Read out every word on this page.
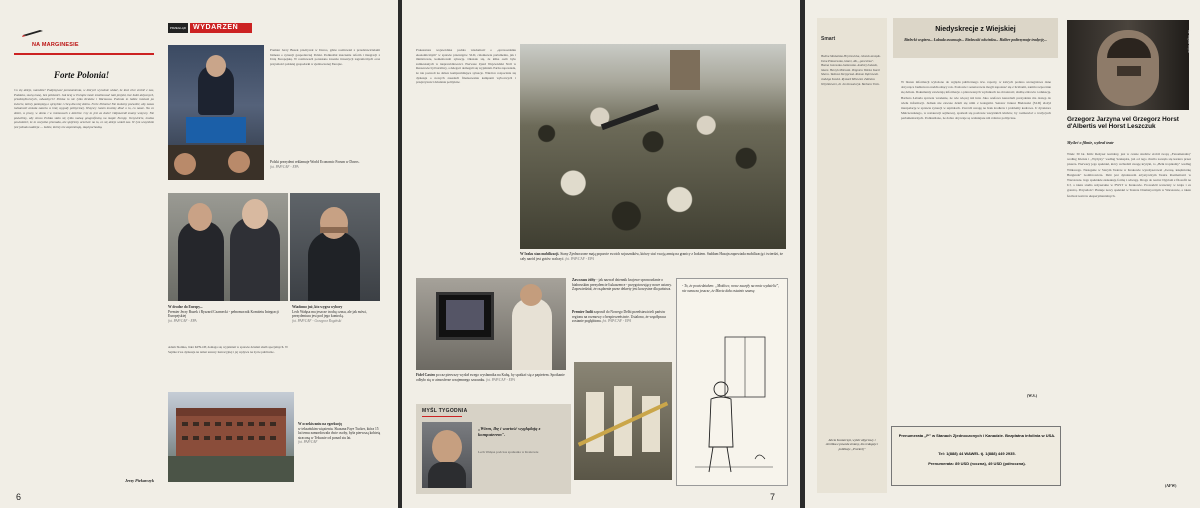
NA MARGINESIE
Forte Polonia!
Co się dzieje, narodzie? Podpisywać porozumienia, w których wyraźnie widać, że ktoś chce zrobić z nas, Polaków, szarą masę, bez polskości. Jak kraj w Europie może zrealizować taki projekt, bez ludzi aktywnych, przedsiębiorczych, odważnych? Polska to nie tylko Kraków i Warszawa. Polonia to ludzie rozsiani po świecie, którzy pamiętają o ojczyźnie i chcą dla niej dobra. Forte Polonia! Nie możemy pozwolić, aby nasza tożsamość została zatarta w imię wygody politycznej. Wszyscy razem musimy dbać o to, co nasze. Na co dzień, w pracy, w domu i w rozmowach z dziećmi. Czy to jest za dużo? Odpowiedź znamy wszyscy. Nie pozwólmy, aby słowo Polska stało się tylko nazwą geograficzną na mapie Europy. Oczywiście, można powiedzieć, że to wszystko przesada, ale spójrzmy uczciwie na to, co się dzieje wokół nas. W tym wszystkim jest jednak nadzieja — ludzie, którzy nie zapominają, skąd pochodzą.
Jerzy Piekarczyk
PRZEGLĄD WYDARZEŃ
Premier Jerzy Buzek przebywał w Davos, gdzie rozmawiał z przedstawicielami biznesu o sytuacji gospodarczej Polski. Podkreślał znaczenie reform i integracji z Unią Europejską. W rozmowach poruszano kwestie inwestycji zagranicznych oraz przyszłości polskiej gospodarki w zjednoczonej Europie.
Polski prezydent reklamuje World Economic Forum w Davos.
fot. PAP/CAF - EPA
W drodze do Europy...
Premier Jerzy Buzek i Ryszard Czarnecki - pełnomocnik Komitetu Integracji Europejskiej
fot. PAP/CAF - EPA
Wiadomo już, kto wygra wybory
Lech Wałęsa ma jeszcze trochę czasu, ale jak mówi, prezydentura jest pod jego kontrolą.
fot. PAP/CAF - Grzegorz Rogiński
Adam Słomka, lider KPN-OP, domaga się wyjaśnień w sprawie działań służb specjalnych. W Sejmie trwa dyskusja na temat ustawy lustracyjnej i jej wpływu na życie publiczne.
W oczekiwaniu na egzekucję
w teksańskim więzieniu. Skazana Faye Tucker, która 15 lat temu zamordowała dwie osoby, była pierwszą kobietą straconą w Teksasie od ponad stu lat.
fot. PAP/CAF
6
Prokuratura wojewódzka podała wiadomość o „sprawozdaniu ekonomicznym" w sprawie przetargów. SLD, członkowie parlamentu, jak i ministrowie, komentowali sytuację. Okazało się, że kilka osób było zamieszanych w nieprawidłowości. Pierwsze Zjazd Wojewódzki SLD w Rzeszowie był burzliwy, a delegaci domagali się wyjaśnień. Partia zapowiada, że nie pozwoli na dalsze kompromitujące sytuacje. Wkrótce rozpocznie się dyskusja o nowych zasadach finansowania kampanii wyborczych i przejrzystości działania polityków.
W Iraku stan mobilizacji. Stany Zjednoczone mają poparcie swoich sojuszników, którzy stać swoją armię na granicy z Irakiem. Saddam Husajn zapowiada mobilizację i twierdzi, że cały naród jest gotów walczyć. fot. PAP/CAF - EPA
Fidel Castro po raz pierwszy wysłał swego wysłannika na Kubę, by spotkać się z papieżem. Spotkanie odbyło się w atmosferze wzajemnego szacunku. fot. PAP/CAF - EPA
Zawczasu żółty - jak nazwał dziennik krajowe sprawozdanie o białoruskim prezydencie Łukaszence - przygotowujący nowe ustawy. Zapowiedział, że rządzenie przez dekrety jest korzystne dla państwa.
Premier Indii zaprosił do Nowego Delhi przedstawicieli państw regionu na rozmowy o bezpieczeństwie. Ustalono, że współpraca zostanie pogłębiona. fot. PAP/CAF - EPA
MYŚL TYGODNIA
„Wiem, lbę i wartość wyglądają z komputerem".
Lech Wałęsa podczas spotkania w Krakowie
- To, że powiedziałem: „Możliwe, nowe zaczęły na mnie wydzielić", nie oznacza jeszcze, że Marta dała ostatnio szansę.
7
Smart
Halina Moskalska-Hryniewicka, członek zarządu. Irena Pilaszewska, lekarz, AK, „pani zima". Hanna Janowska-Jankowska. Andrzej Łukasik, lekarz. Henryk Milewski. Zbigniew Wolski. Karol Sikora. Tadeusz Skrzypczak. Roman Dąbrowski. Jadwiga Kostuś. Ryszard Milewski. Zdzisław Wójcikiewicz, dr. Jan Kowalczyk. Barbara Trela.
Alicia Kostarczyk, wybór zdjęciowy i obróbka z powodu zmiany, kto redaguje i publikuje „Przekrój"
Niedyskrecje z Wiejskiej
Bielecki wspiera... Łabuda awansuje... Bielawski odwiedza... Halber podtrzymuje tradycję...
W biurze informacji wyłożono do wglądu publicznego tzw. raporty, w których podano szczegółowe dane dotyczące budżetu na nadchodzący rok. Posłowie i senatorowie mogli zapoznać się z liczbami, zanim rozpocznie się debata. Dokumenty zawierają informacje o planowanych wydatkach na obronność, służbę zdrowia i edukację. Barbara Łabuda sprawia wrażenie, że wie więcej niż inni. Jako szefowa kancelarii prezydenta ma dostęp do wielu informacji. Jednak nie zawsze dzieli się nimi z kolegami. Senator Janusz Bielawski (SLD) złożył interpelację w sprawie sytuacji w szpitalach. Zwrócił uwagę na brak środków i problemy kadrowe. U dyrektora Małczewskiego, w restauracji sejmowej, spotkali się posłowie wszystkich klubów, by rozmawiać o tradycjach parlamentarnych. Podkreślano, że dobre obyczaje są ważniejsze niż różnice polityczne.
(W.S.)
Prenumerata „P" w Stanach Zjednoczonych i Kanadzie. Bezpłatna infolinia w USA.
Tel: 1(888) 44 WAWEL tj. 1(888) 449 2935.
Prenumerata: 89 USD (roczna), 49 USD (półroczna).
fot. Bogdan Krężel
Grzegorz Jarzyna vel Grzegorz Horst d'Albertis vel Horst Leszczuk
Myśleć o filmie, wybrał teatr
Wiek: 30 lat. Kim: Reżyser teatralny, jest w czasie studiów zrobił swoją „Fenomenalną" według Kleista i „Wyżyny" według Szekspira, już od tego chwila zaczęła się kariera przez pisarza. Pierwszy jego spektakl, który wzbudził uwagę krytyki, to „Bzik tropikalny" według Witkacego. Następnie w Starym Teatrze w Krakowie wyreżyserował „Iwonę, księżniczkę Burgunda" Gombrowicza. Dziś jest dyrektorem artystycznym Teatru Rozmaitości w Warszawie. Jego spektakle zaskakują formą i odwagą. Droga do teatru: Dyplom z filozofii na UJ, a także studia reżyserskie w PWST w Krakowie. Prowadził warsztaty w kraju i za granicą. Przyszłość: Planuje nowy spektakl w Teatrze Dramatycznym w Warszawie, a także festiwal teatrów eksperymentalnych.
(AFW)
